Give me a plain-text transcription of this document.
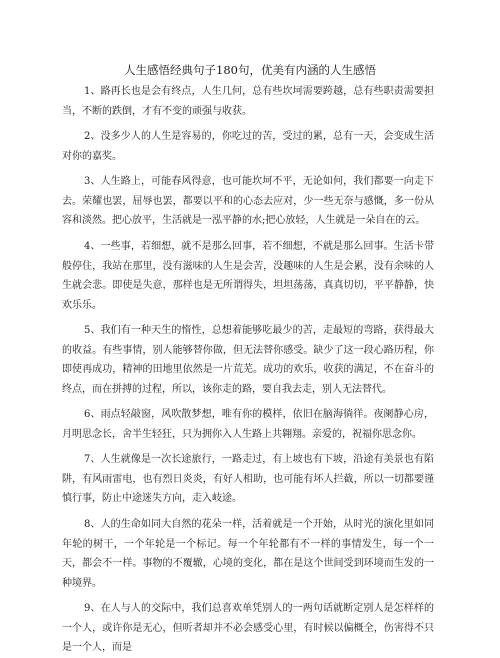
人生感悟经典句子180句，优美有内涵的人生感悟

1、路再长也是会有终点，人生几何，总有些坎坷需要跨越，总有些职责需要担当，不断的跌倒，才有不变的顽强与收获。

2、没多少人的人生是容易的，你吃过的苦，受过的累，总有一天，会变成生活对你的嘉奖。

3、人生路上，可能春风得意，也可能坎坷不平，无论如何，我们都要一向走下去。荣耀也罢，屈辱也罢，都要以平和的心态去应对，少一些无奈与感慨，多一份从容和淡然。把心放平，生活就是一泓平静的水;把心放轻，人生就是一朵自在的云。

4、一些事，若细想，就不是那么回事，若不细想，不就是那么回事。生活卡带般停住，我站在那里，没有滋味的人生是会苦，没趣味的人生是会累，没有余味的人生就会悲。即使是失意，那样也是无所谓得失，坦坦荡荡，真真切切，平平静静，快欢乐乐。

5、我们有一种天生的惰性，总想着能够吃最少的苦，走最短的弯路，获得最大的收益。有些事情，别人能够替你做，但无法替你感受。缺少了这一段心路历程，你即使再成功，精神的田地里依然是一片荒芜。成功的欢乐，收获的满足，不在奋斗的终点，而在拼搏的过程，所以，该你走的路，要自我去走，别人无法替代。

6、雨点轻敲窗，风吹散梦想，唯有你的模样，依旧在脑海徜徉。夜阑静心房，月明思念长，舍半生轻狂，只为拥你入人生路上共翱翔。亲爱的，祝福你思念你。

7、人生就像是一次长途旅行，一路走过，有上坡也有下坡，沿途有美景也有陷阱，有风雨雷电，也有烈日炎炎，有好人相助，也可能有坏人拦截，所以一切都要谨慎行事，防止中途迷失方向，走入岐途。

8、人的生命如同大自然的花朵一样，活着就是一个开始，从时光的演化里如同年轮的树干，一个年轮是一个标记。每一个年轮都有不一样的事情发生，每一个一天，都会不一样。事物的不覆辙，心境的变化，都在是这个世间受到环境而生发的一种境界。

9、在人与人的交际中，我们总喜欢单凭别人的一两句话就断定别人是怎样样的一个人，或许你是无心，但听者却并不必会感受心里，有时候以偏概全，伤害得不只是一个人，而是
